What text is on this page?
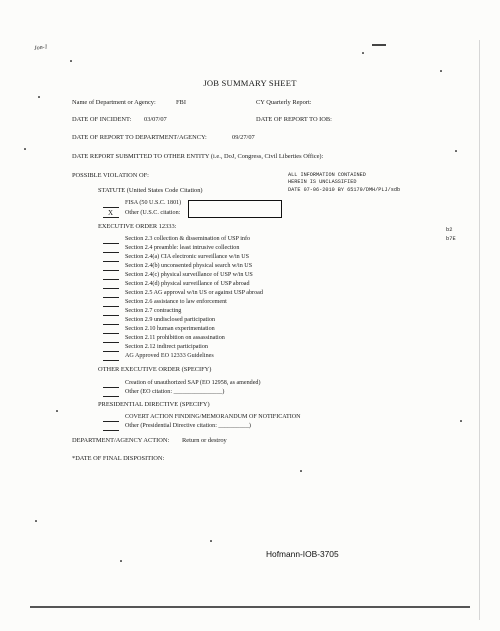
Jon-1
JOB SUMMARY SHEET
Name of Department or Agency:	FBI	CY Quarterly Report:
DATE OF INCIDENT: 03/07/07	DATE OF REPORT TO IOB:
DATE OF REPORT TO DEPARTMENT/AGENCY:	09/27/07
DATE REPORT SUBMITTED TO OTHER ENTITY (i.e., DoJ, Congress, Civil Liberties Office):
POSSIBLE VIOLATION OF:	ALL INFORMATION CONTAINED
HEREIN IS UNCLASSIFIED
DATE 07-06-2010 BY 65179/DMH/PLJ/sdb
b2
b7E
STATUTE (United States Code Citation)
FISA (50 U.S.C. 1801)
X Other (U.S.C. citation:
EXECUTIVE ORDER 12333:
Section 2.3 collection & dissemination of USP info
Section 2.4 preamble: least intrusive collection
Section 2.4(a) CIA electronic surveillance w/in US
Section 2.4(b) unconsented physical search w/in US
Section 2.4(c) physical surveillance of USP w/in US
Section 2.4(d) physical surveillance of USP abroad
Section 2.5 AG approval w/in US or against USP abroad
Section 2.6 assistance to law enforcement
Section 2.7 contracting
Section 2.9 undisclosed participation
Section 2.10 human experimentation
Section 2.11 prohibition on assassination
Section 2.12 indirect participation
AG Approved EO 12333 Guidelines
OTHER EXECUTIVE ORDER (SPECIFY)
Creation of unauthorized SAP (EO 12958, as amended)
Other (EO citation: ________________)
PRESIDENTIAL DIRECTIVE (SPECIFY)
COVERT ACTION FINDING/MEMORANDUM OF NOTIFICATION
Other (Presidential Directive citation: __________)
DEPARTMENT/AGENCY ACTION: Return or destroy
*DATE OF FINAL DISPOSITION:
Hofmann-IOB-3705
